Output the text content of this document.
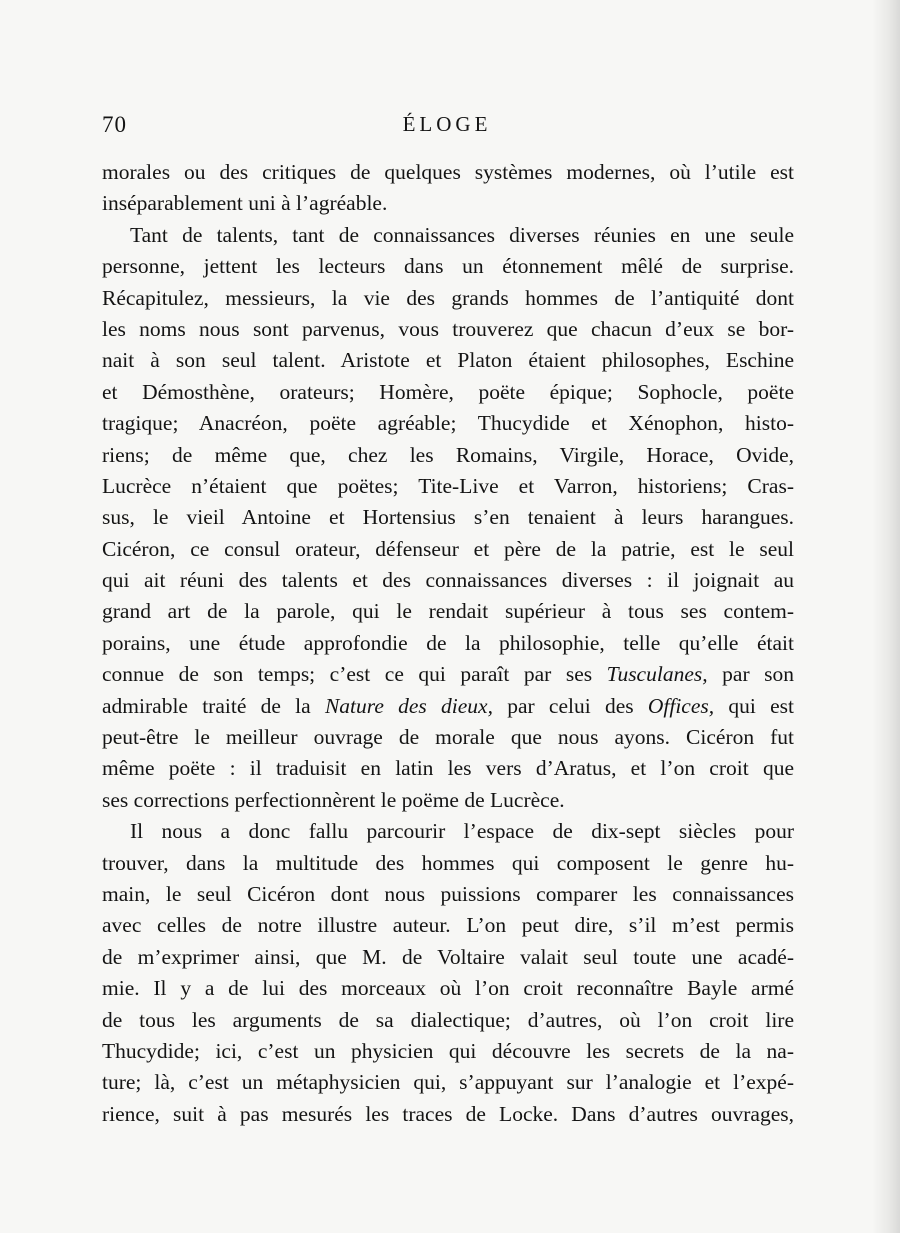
70	ÉLOGE
morales ou des critiques de quelques systèmes modernes, où l’utile est
inséparablement uni à l’agréable.
Tant de talents, tant de connaissances diverses réunies en une seule
personne, jettent les lecteurs dans un étonnement mêlé de surprise.
Récapitulez, messieurs, la vie des grands hommes de l’antiquité dont
les noms nous sont parvenus, vous trouverez que chacun d’eux se bor-
nait à son seul talent. Aristote et Platon étaient philosophes, Eschine
et Démosthène, orateurs; Homère, poëte épique; Sophocle, poëte
tragique; Anacréon, poëte agréable; Thucydide et Xénophon, histo-
riens; de même que, chez les Romains, Virgile, Horace, Ovide,
Lucrèce n’étaient que poëtes; Tite-Live et Varron, historiens; Cras-
sus, le vieil Antoine et Hortensius s’en tenaient à leurs harangues.
Cicéron, ce consul orateur, défenseur et père de la patrie, est le seul
qui ait réuni des talents et des connaissances diverses : il joignait au
grand art de la parole, qui le rendait supérieur à tous ses contem-
porains, une étude approfondie de la philosophie, telle qu’elle était
connue de son temps; c’est ce qui paraît par ses Tusculanes, par son
admirable traité de la Nature des dieux, par celui des Offices, qui est
peut-être le meilleur ouvrage de morale que nous ayons. Cicéron fut
même poëte : il traduisit en latin les vers d’Aratus, et l’on croit que
ses corrections perfectionnèrent le poëme de Lucrèce.
Il nous a donc fallu parcourir l’espace de dix-sept siècles pour
trouver, dans la multitude des hommes qui composent le genre hu-
main, le seul Cicéron dont nous puissions comparer les connaissances
avec celles de notre illustre auteur. L’on peut dire, s’il m’est permis
de m’exprimer ainsi, que M. de Voltaire valait seul toute une acadé-
mie. Il y a de lui des morceaux où l’on croit reconnaître Bayle armé
de tous les arguments de sa dialectique; d’autres, où l’on croit lire
Thucydide; ici, c’est un physicien qui découvre les secrets de la na-
ture; là, c’est un métaphysicien qui, s’appuyant sur l’analogie et l’expé-
rience, suit à pas mesurés les traces de Locke. Dans d’autres ouvrages,
